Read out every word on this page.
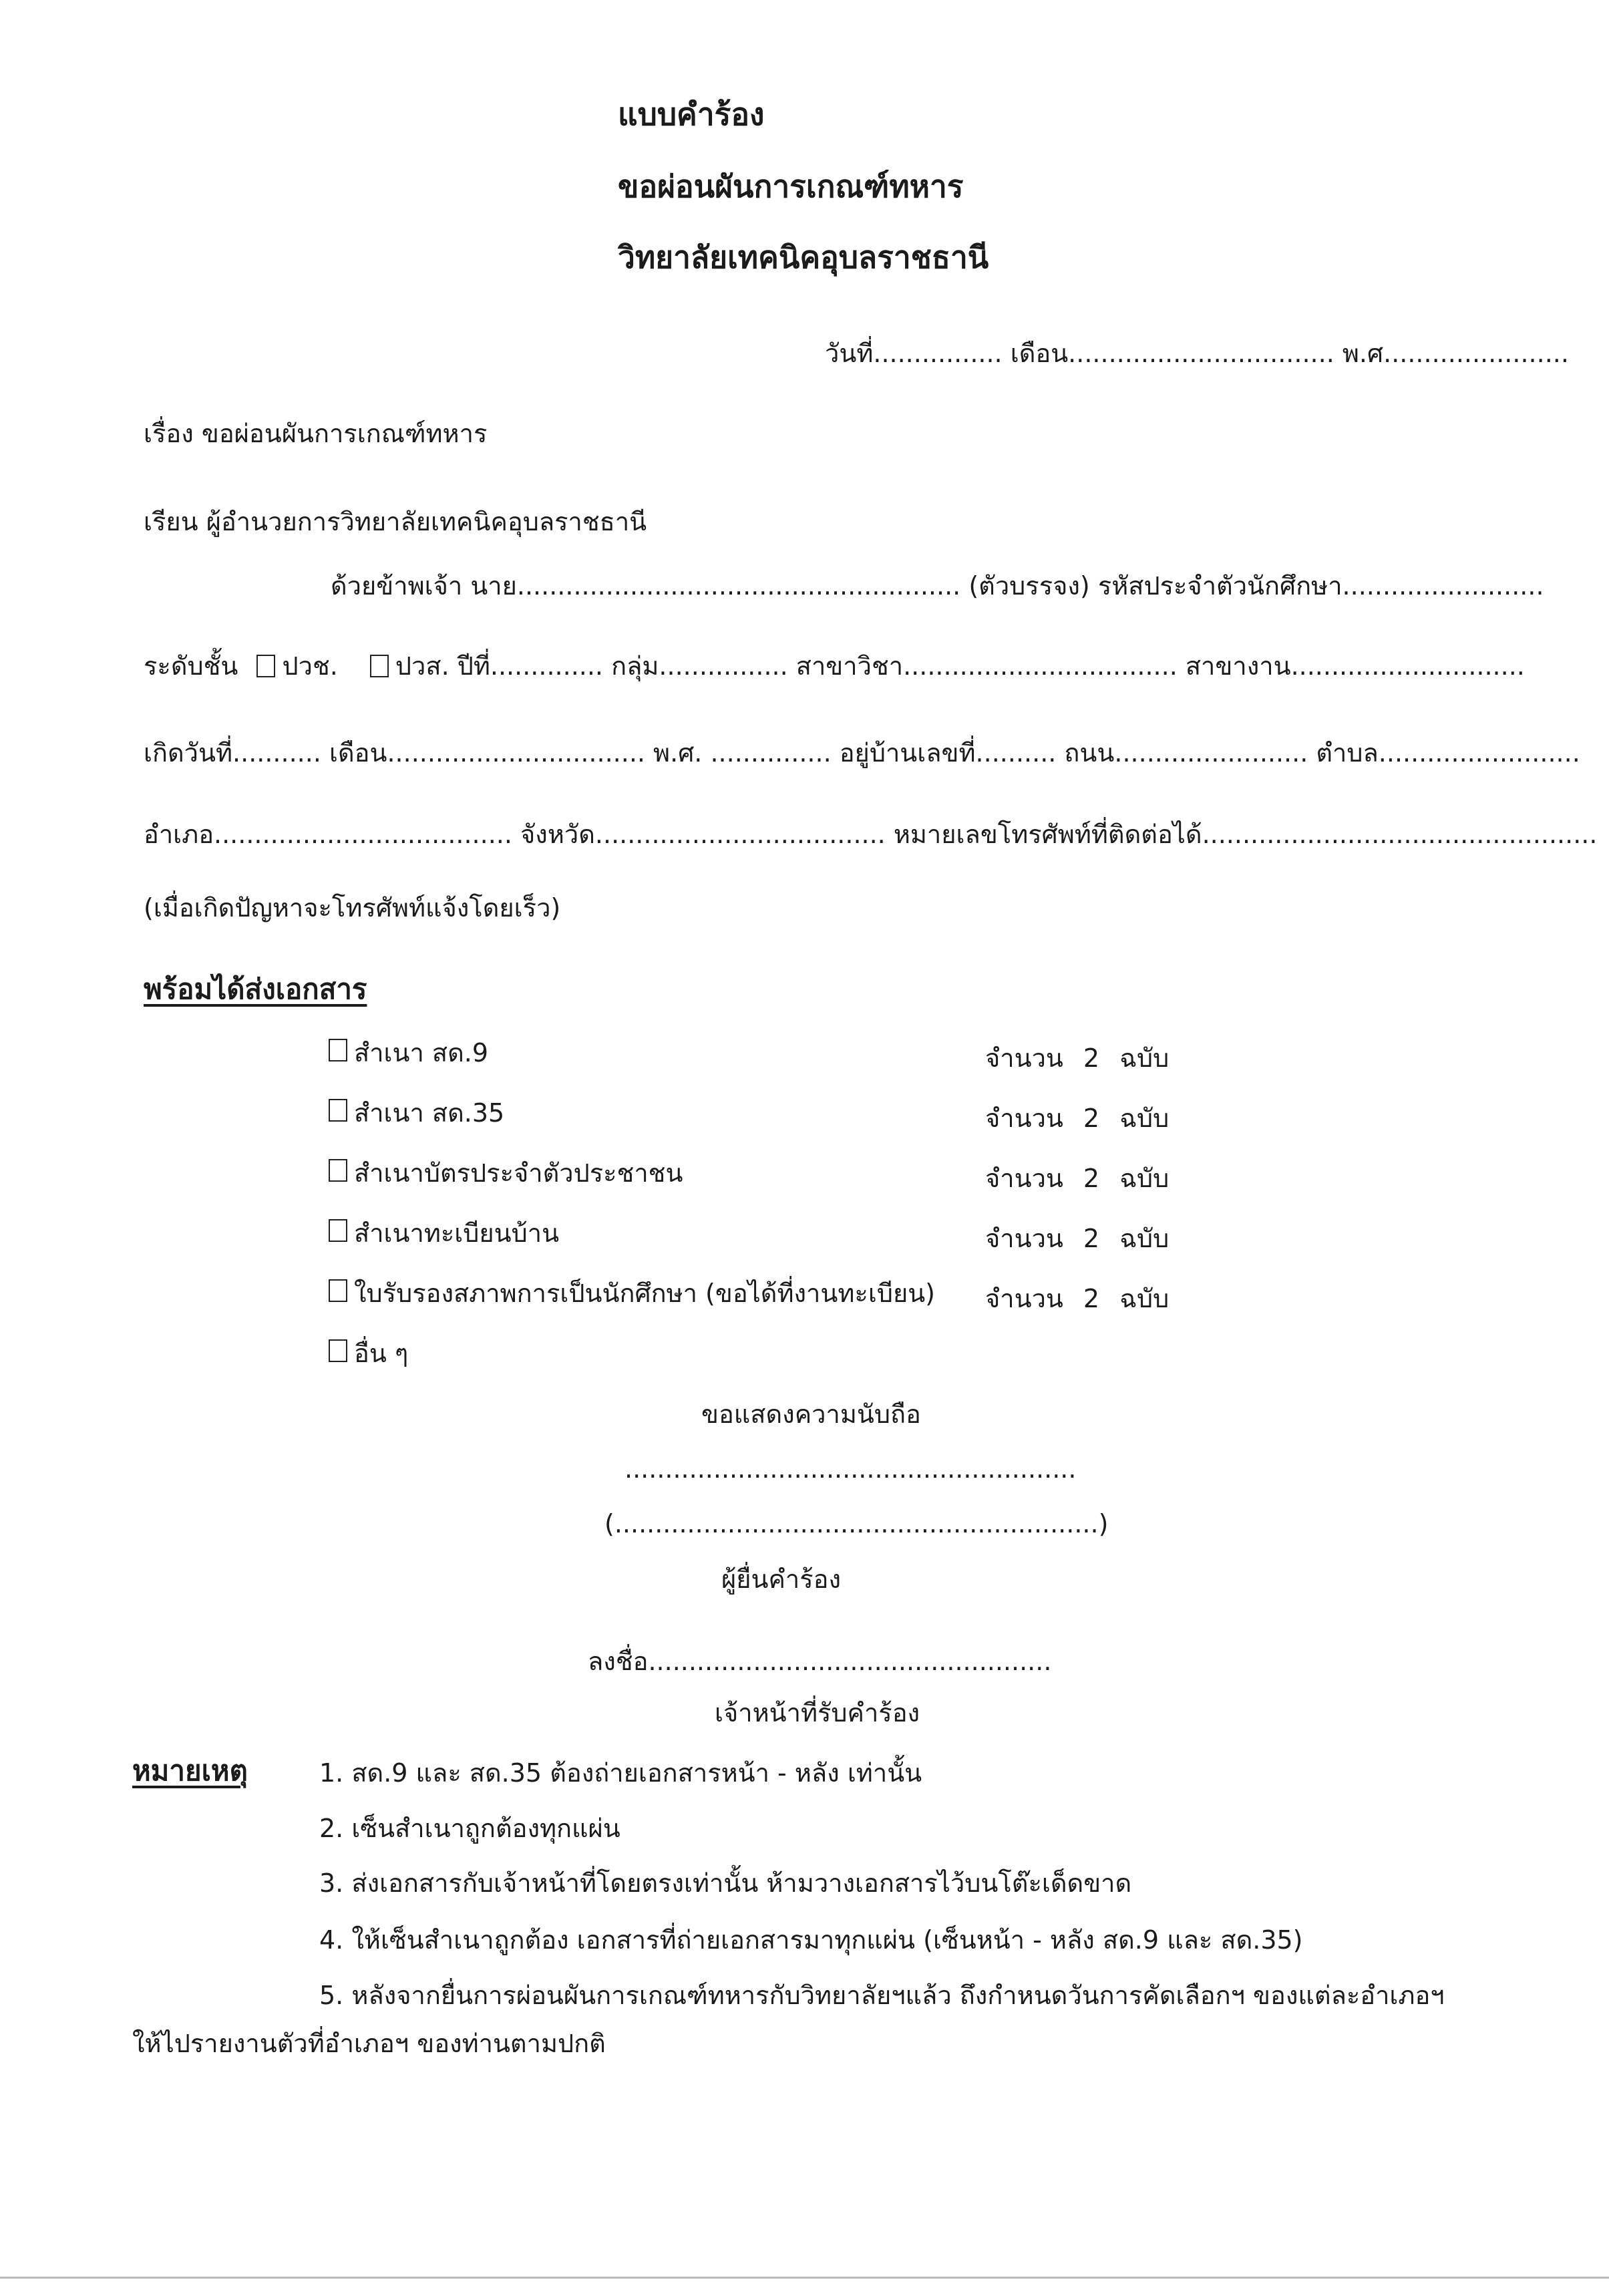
แบบคำร้อง
ขอผ่อนผันการเกณฑ์ทหาร
วิทยาลัยเทคนิคอุบลราชธานี
วันที่................ เดือน................................. พ.ศ.......................
เรื่อง ขอผ่อนผันการเกณฑ์ทหาร
เรียน ผู้อำนวยการวิทยาลัยเทคนิคอุบลราชธานี
ด้วยข้าพเจ้า นาย....................................................... (ตัวบรรจง) รหัสประจำตัวนักศึกษา.........................
ระดับชั้น ปวช. ปวส. ปีที่.............. กลุ่ม................ สาขาวิชา.................................. สาขางาน.............................
เกิดวันที่........... เดือน................................ พ.ศ. ............... อยู่บ้านเลขที่.......... ถนน........................ ตำบล.........................
อำเภอ..................................... จังหวัด.................................... หมายเลขโทรศัพท์ที่ติดต่อได้.................................................
(เมื่อเกิดปัญหาจะโทรศัพท์แจ้งโดยเร็ว)
พร้อมได้ส่งเอกสาร
สำเนา สด.9	จำนวน 2 ฉบับ
สำเนา สด.35	จำนวน 2 ฉบับ
สำเนาบัตรประจำตัวประชาชน	จำนวน 2 ฉบับ
สำเนาทะเบียนบ้าน	จำนวน 2 ฉบับ
ใบรับรองสภาพการเป็นนักศึกษา (ขอได้ที่งานทะเบียน) จำนวน 2 ฉบับ
อื่น ๆ
ขอแสดงความนับถือ
........................................................
(............................................................)
ผู้ยื่นคำร้อง
ลงชื่อ..................................................
เจ้าหน้าที่รับคำร้อง
หมายเหตุ	1. สด.9 และ สด.35 ต้องถ่ายเอกสารหน้า - หลัง เท่านั้น
2. เซ็นสำเนาถูกต้องทุกแผ่น
3. ส่งเอกสารกับเจ้าหน้าที่โดยตรงเท่านั้น ห้ามวางเอกสารไว้บนโต๊ะเด็ดขาด
4. ให้เซ็นสำเนาถูกต้อง เอกสารที่ถ่ายเอกสารมาทุกแผ่น (เซ็นหน้า - หลัง สด.9 และ สด.35)
5. หลังจากยื่นการผ่อนผันการเกณฑ์ทหารกับวิทยาลัยฯแล้ว ถึงกำหนดวันการคัดเลือกฯ ของแต่ละอำเภอฯ
ให้ไปรายงานตัวที่อำเภอฯ ของท่านตามปกติ
